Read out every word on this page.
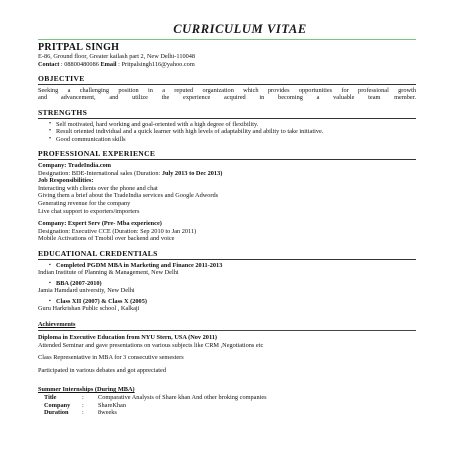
CURRICULUM VITAE
PRITPAL SINGH
E-86, Ground floor, Greater kailash part 2, New Delhi-110048
Contact : 08800480086 Email : Pritpalsingh116@yahoo.com
OBJECTIVE
Seeking a challenging position in a reputed organization which provides opportunities for professional growth
and advancement, and utilize the experience acquired in becoming a valuable team member.
STRENGTHS
• Self motivated, hard working and goal-oriented with a high degree of flexibility.
• Result oriented individual and a quick learner with high levels of adaptability and ability to take initiative.
• Good communication skills
PROFESSIONAL EXPERIENCE
Company: TradeIndia.com
Designation: BDE-International sales (Duration: July 2013 to Dec 2013)
Job Responsibilities:
Interacting with clients over the phone and chat
Giving them a brief about the TradeIndia services and Google Adwords
Generating revenue for the company
Live chat support to exporters/importers
Company: Expert Serv (Pre- Mba experience)
Designation: Executive CCE (Duration: Sep 2010 to Jan 2011)
Mobile Activations of Tmobil over backend and voice
EDUCATIONAL CREDENTIALS
▪ Completed PGDM MBA in Marketing and Finance 2011-2013
Indian Institute of Planning & Management, New Delhi
▪ BBA (2007-2010)
Jamia Hamdard university, New Delhi
▪ Class XII (2007) & Class X (2005)
Guru Harkrishan Public school , Kalkaji
Achievements
Diploma in Executive Education from NYU Stern, USA (Nov 2011)
Attended Seminar and gave presentations on various subjects like CRM ,Negotiations etc
Class Representative in MBA for 3 consecutive semesters
Participated in various debates and got appreciated
Summer Internships (During MBA)
Title	:	Comparative Analysis of Share khan And other broking companies
Company	:	ShareKhan
Duration	:	8weeks
